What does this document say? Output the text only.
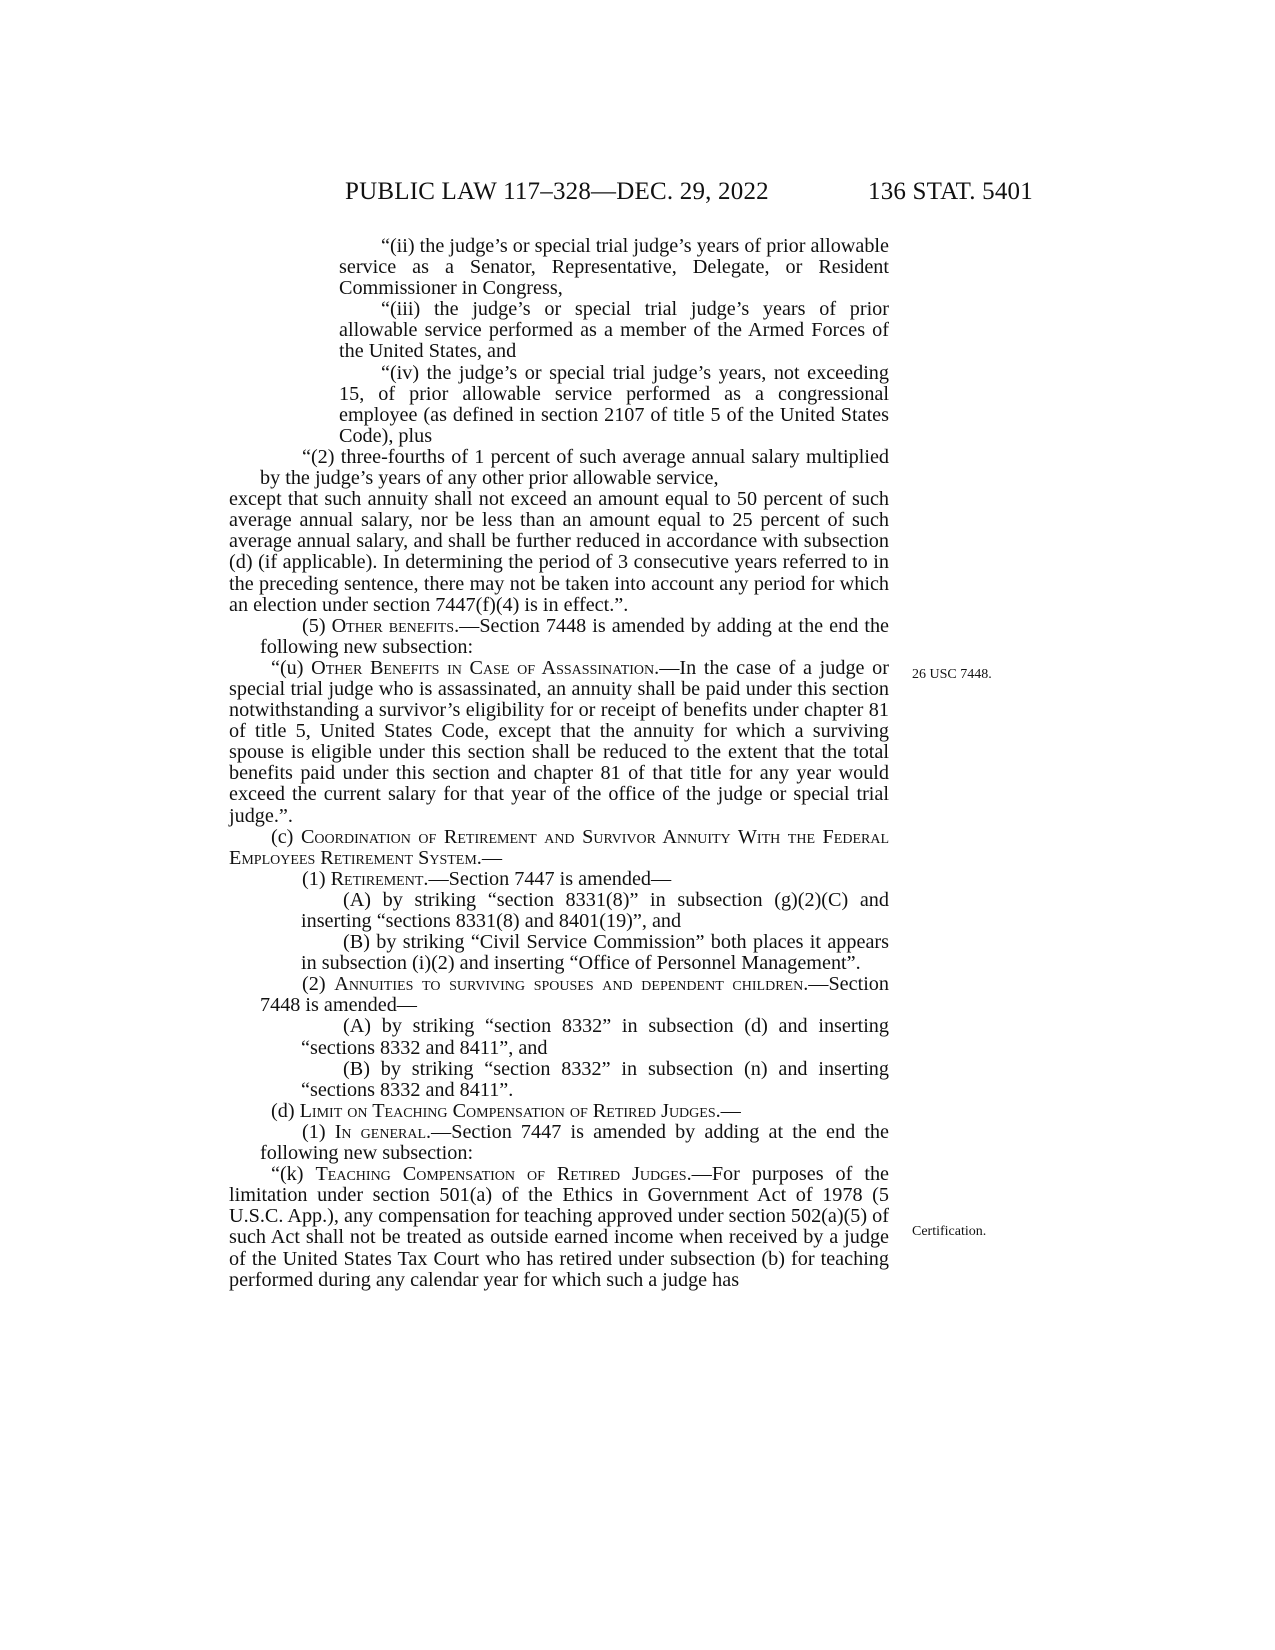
PUBLIC LAW 117–328—DEC. 29, 2022	136 STAT. 5401
26 USC 7448.
Certification.

“(ii) the judge’s or special trial judge’s years of prior allowable service as a Senator, Representative, Delegate, or Resident Commissioner in Congress,

“(iii) the judge’s or special trial judge’s years of prior allowable service performed as a member of the Armed Forces of the United States, and

“(iv) the judge’s or special trial judge’s years, not exceeding 15, of prior allowable service performed as a congressional employee (as defined in section 2107 of title 5 of the United States Code), plus

“(2) three-fourths of 1 percent of such average annual salary multiplied by the judge’s years of any other prior allowable service,

except that such annuity shall not exceed an amount equal to 50 percent of such average annual salary, nor be less than an amount equal to 25 percent of such average annual salary, and shall be further reduced in accordance with subsection (d) (if applicable). In determining the period of 3 consecutive years referred to in the preceding sentence, there may not be taken into account any period for which an election under section 7447(f)(4) is in effect.”.

(5) Other benefits.—Section 7448 is amended by adding at the end the following new subsection:

“(u) Other Benefits in Case of Assassination.—In the case of a judge or special trial judge who is assassinated, an annuity shall be paid under this section notwithstanding a survivor’s eligibility for or receipt of benefits under chapter 81 of title 5, United States Code, except that the annuity for which a surviving spouse is eligible under this section shall be reduced to the extent that the total benefits paid under this section and chapter 81 of that title for any year would exceed the current salary for that year of the office of the judge or special trial judge.”.

(c) Coordination of Retirement and Survivor Annuity With the Federal Employees Retirement System.—

(1) Retirement.—Section 7447 is amended—

(A) by striking “section 8331(8)” in subsection (g)(2)(C) and inserting “sections 8331(8) and 8401(19)”, and

(B) by striking “Civil Service Commission” both places it appears in subsection (i)(2) and inserting “Office of Personnel Management”.

(2) Annuities to surviving spouses and dependent children.—Section 7448 is amended—

(A) by striking “section 8332” in subsection (d) and inserting “sections 8332 and 8411”, and

(B) by striking “section 8332” in subsection (n) and inserting “sections 8332 and 8411”.

(d) Limit on Teaching Compensation of Retired Judges.—

(1) In general.—Section 7447 is amended by adding at the end the following new subsection:

“(k) Teaching Compensation of Retired Judges.—For purposes of the limitation under section 501(a) of the Ethics in Government Act of 1978 (5 U.S.C. App.), any compensation for teaching approved under section 502(a)(5) of such Act shall not be treated as outside earned income when received by a judge of the United States Tax Court who has retired under subsection (b) for teaching performed during any calendar year for which such a judge has
